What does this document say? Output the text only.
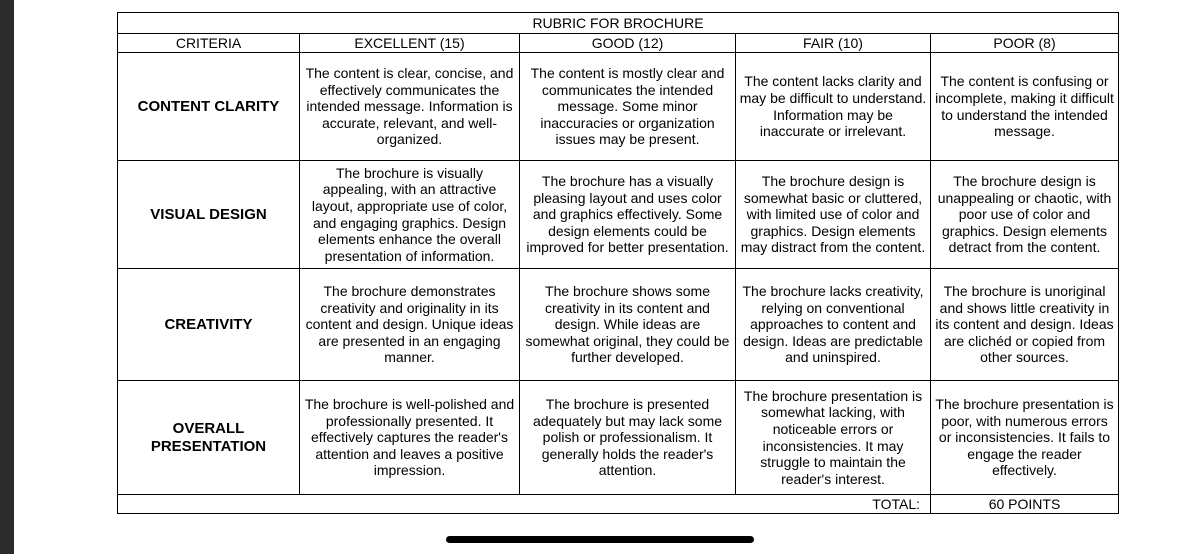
RUBRIC FOR BROCHURE				
CRITERIA	EXCELLENT (15)	GOOD (12)	FAIR (10)	POOR (8)
CONTENT CLARITY	The content is clear, concise, and effectively communicates the intended message. Information is accurate, relevant, and well-organized.	The content is mostly clear and communicates the intended message. Some minor inaccuracies or organization issues may be present.	The content lacks clarity and may be difficult to understand. Information may be inaccurate or irrelevant.	The content is confusing or incomplete, making it difficult to understand the intended message.
VISUAL DESIGN	The brochure is visually appealing, with an attractive layout, appropriate use of color, and engaging graphics. Design elements enhance the overall presentation of information.	The brochure has a visually pleasing layout and uses color and graphics effectively. Some design elements could be improved for better presentation.	The brochure design is somewhat basic or cluttered, with limited use of color and graphics. Design elements may distract from the content.	The brochure design is unappealing or chaotic, with poor use of color and graphics. Design elements detract from the content.
CREATIVITY	The brochure demonstrates creativity and originality in its content and design. Unique ideas are presented in an engaging manner.	The brochure shows some creativity in its content and design. While ideas are somewhat original, they could be further developed.	The brochure lacks creativity, relying on conventional approaches to content and design. Ideas are predictable and uninspired.	The brochure is unoriginal and shows little creativity in its content and design. Ideas are clichéd or copied from other sources.
OVERALL PRESENTATION	The brochure is well-polished and professionally presented. It effectively captures the reader's attention and leaves a positive impression.	The brochure is presented adequately but may lack some polish or professionalism. It generally holds the reader's attention.	The brochure presentation is somewhat lacking, with noticeable errors or inconsistencies. It may struggle to maintain the reader's interest.	The brochure presentation is poor, with numerous errors or inconsistencies. It fails to engage the reader effectively.
TOTAL:				60 POINTS
